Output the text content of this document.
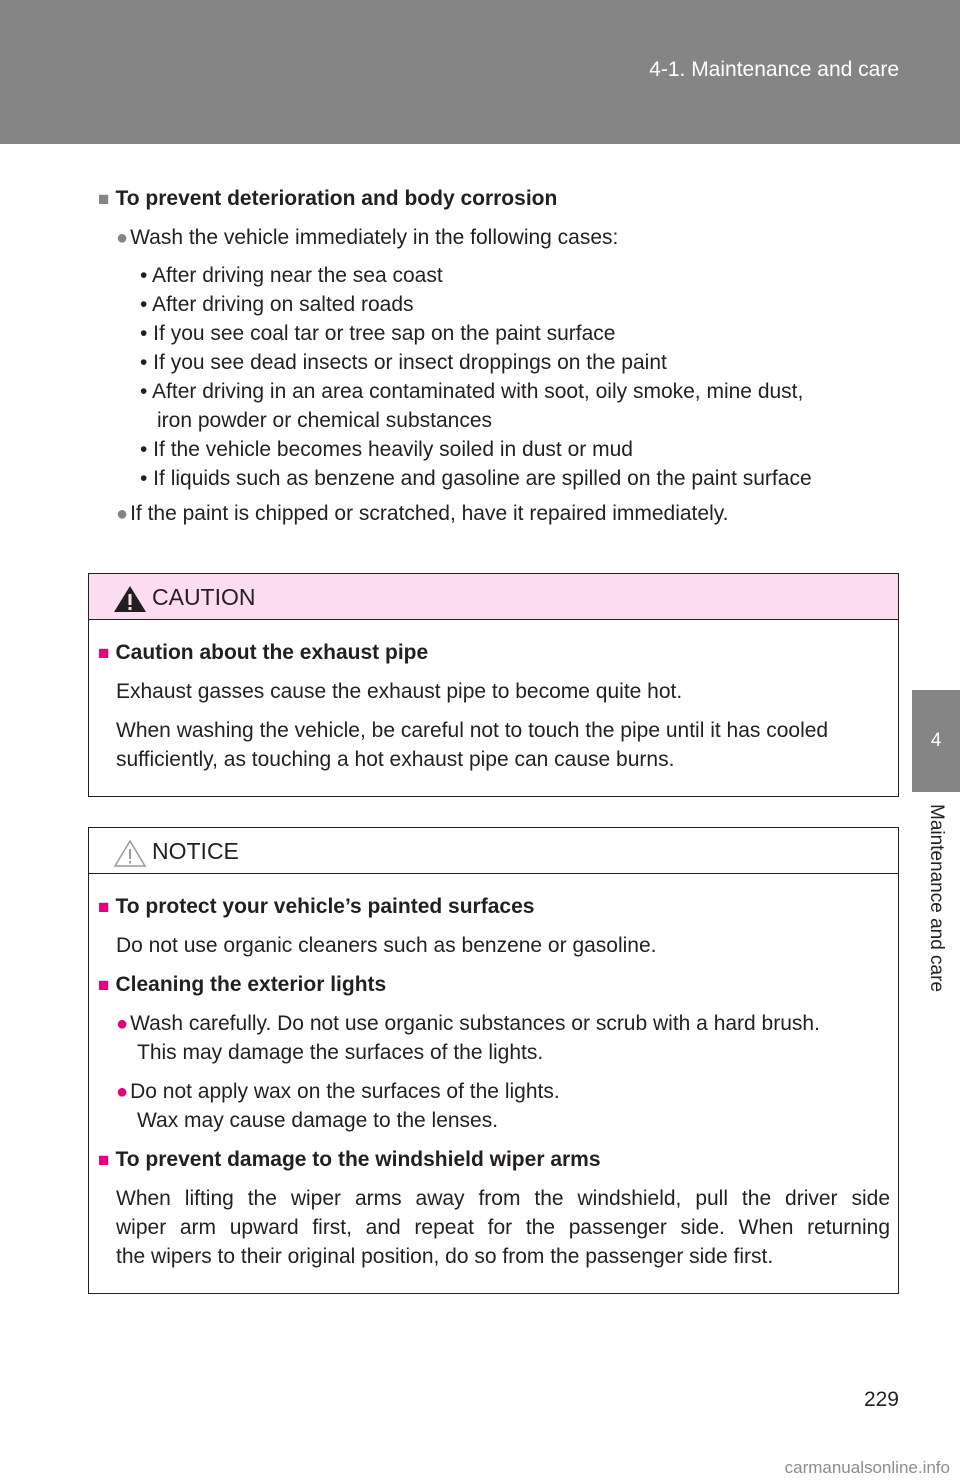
4-1. Maintenance and care
4
Maintenance and care
■ To prevent deterioration and body corrosion
●Wash the vehicle immediately in the following cases:
• After driving near the sea coast
• After driving on salted roads
• If you see coal tar or tree sap on the paint surface
• If you see dead insects or insect droppings on the paint
• After driving in an area contaminated with soot, oily smoke, mine dust,
iron powder or chemical substances
• If the vehicle becomes heavily soiled in dust or mud
• If liquids such as benzene and gasoline are spilled on the paint surface
●If the paint is chipped or scratched, have it repaired immediately.
CAUTION
■ Caution about the exhaust pipe
Exhaust gasses cause the exhaust pipe to become quite hot.
When washing the vehicle, be careful not to touch the pipe until it has cooled
sufficiently, as touching a hot exhaust pipe can cause burns.
NOTICE
■ To protect your vehicle’s painted surfaces
Do not use organic cleaners such as benzene or gasoline.
■ Cleaning the exterior lights
●Wash carefully. Do not use organic substances or scrub with a hard brush.
This may damage the surfaces of the lights.
●Do not apply wax on the surfaces of the lights.
Wax may cause damage to the lenses.
■ To prevent damage to the windshield wiper arms
When lifting the wiper arms away from the windshield, pull the driver side
wiper arm upward first, and repeat for the passenger side. When returning
the wipers to their original position, do so from the passenger side first.
229
carmanualsonline.info
